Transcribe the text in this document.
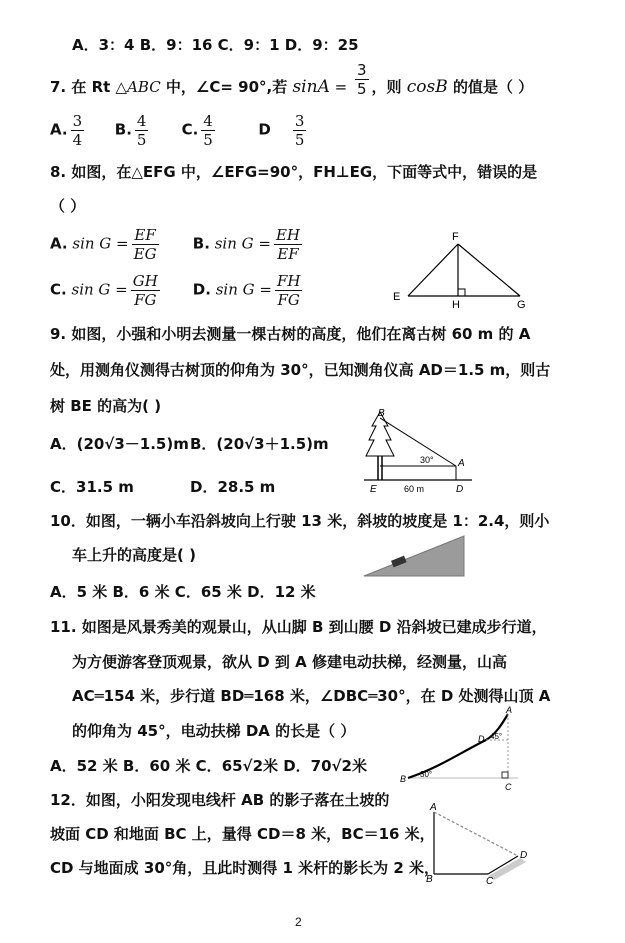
A．3：4 B．9：16 C．9：1 D．9：25
7. 在 Rt △ABC 中，∠C= 90°,若 $\sin A = \frac{3}{5}$ ，则 cosB 的值是（ ）
A. $\frac{3}{4} B$. $\frac{4}{5} C$. $\frac{4}{5}$	D $\frac{3}{5}$
8. 如图，在△EFG 中，∠EFG=90°，FH⊥EG，下面等式中，错误的是
（ ）
A. $\sin G = \frac{EF}{EG} B$. $\sin G = \frac{EH}{EF}$
C. $\sin G = \frac{GH}{FG} D$. $\sin G = \frac{FH}{FG}$
F
E
H	G
9. 如图，小强和小明去测量一棵古树的高度，他们在离古树 60 m 的 A
处，用测角仪测得古树顶的仰角为 30°，已知测角仪高 AD＝1.5 m，则古
树 BE 的高为( )
A．(20√3－1.5)mB．(20√3＋1.5)m
C．31.5 m	D．28.5 m
B
A
E	D
30°
60 m
10．如图，一辆小车沿斜坡向上行驶 13 米，斜坡的坡度是 1：2.4，则小
车上升的高度是( )
A．5 米 B．6 米 C．65 米 D．12 米
11. 如图是风景秀美的观景山，从山脚 B 到山腰 D 沿斜坡已建成步行道，
为方便游客登顶观景，欲从 D 到 A 修建电动扶梯，经测量，山高
AC═154 米，步行道 BD═168 米，∠DBC═30°，在 D 处测得山顶 A
的仰角为 45°，电动扶梯 DA 的长是（ ）
A．52 米 B．60 米 C．65√2米 D．70√2米
A
B
C
D 45°
30°
12．如图，小阳发现电线杆 AB 的影子落在土坡的
坡面 CD 和地面 BC 上，量得 CD＝8 米，BC＝16 米，
CD 与地面成 30°角，且此时测得 1 米杆的影长为 2 米，
A
B	C
D
2
